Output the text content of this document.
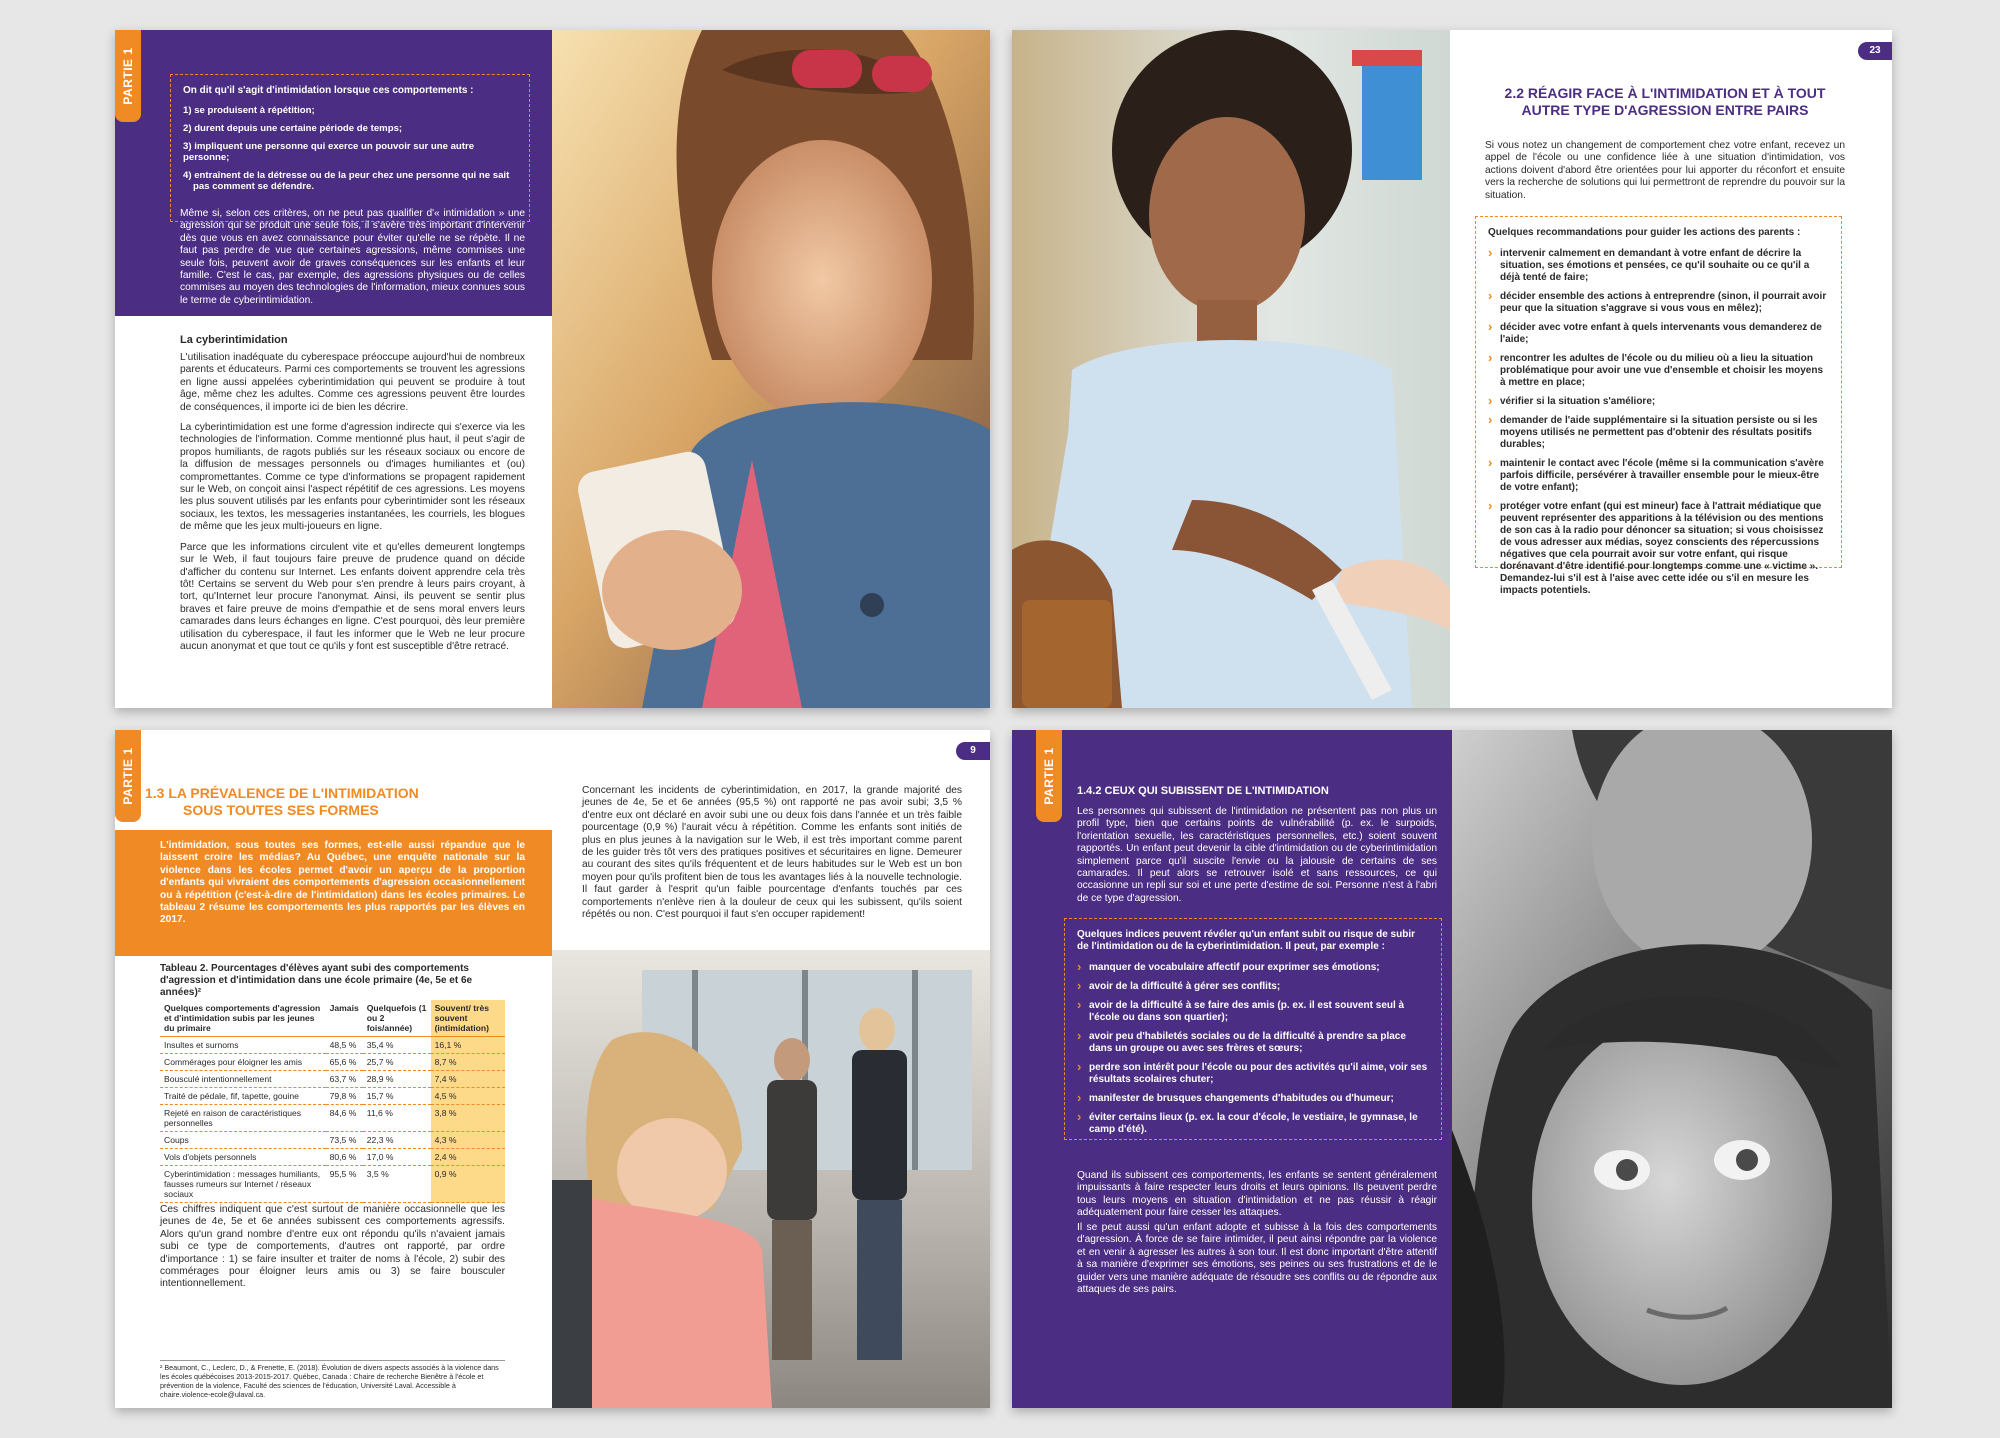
PARTIE 1	On dit qu'il s'agit d'intimidation lorsque ces comportements :

1) se produisent à répétition;

2) durent depuis une certaine période de temps;

3) impliquent une personne qui exerce un pouvoir sur une autre personne;

4) entraînent de la détresse ou de la peur chez une personne qui ne sait pas comment se défendre.

Même si, selon ces critères, on ne peut pas qualifier d'« intimidation » une agression qui se produit une seule fois, il s'avère très important d'intervenir dès que vous en avez connaissance pour éviter qu'elle ne se répète. Il ne faut pas perdre de vue que certaines agressions, même commises une seule fois, peuvent avoir de graves conséquences sur les enfants et leur famille. C'est le cas, par exemple, des agressions physiques ou de celles commises au moyen des technologies de l'information, mieux connues sous le terme de cyberintimidation.

La cyberintimidation

L'utilisation inadéquate du cyberespace préoccupe aujourd'hui de nombreux parents et éducateurs. Parmi ces comportements se trouvent les agressions en ligne aussi appelées cyberintimidation qui peuvent se produire à tout âge, même chez les adultes. Comme ces agressions peuvent être lourdes de conséquences, il importe ici de bien les décrire.

La cyberintimidation est une forme d'agression indirecte qui s'exerce via les technologies de l'information. Comme mentionné plus haut, il peut s'agir de propos humiliants, de ragots publiés sur les réseaux sociaux ou encore de la diffusion de messages personnels ou d'images humiliantes et (ou) compromettantes. Comme ce type d'informations se propagent rapidement sur le Web, on conçoit ainsi l'aspect répétitif de ces agressions. Les moyens les plus souvent utilisés par les enfants pour cyberintimider sont les réseaux sociaux, les textos, les messageries instantanées, les courriels, les blogues de même que les jeux multi-joueurs en ligne.

Parce que les informations circulent vite et qu'elles demeurent longtemps sur le Web, il faut toujours faire preuve de prudence quand on décide d'afficher du contenu sur Internet. Les enfants doivent apprendre cela très tôt! Certains se servent du Web pour s'en prendre à leurs pairs croyant, à tort, qu'Internet leur procure l'anonymat. Ainsi, ils peuvent se sentir plus braves et faire preuve de moins d'empathie et de sens moral envers leurs camarades dans leurs échanges en ligne. C'est pourquoi, dès leur première utilisation du cyberespace, il faut les informer que le Web ne leur procure aucun anonymat et que tout ce qu'ils y font est susceptible d'être retracé.

23
2.2 RÉAGIR FACE À L'INTIMIDATION ET À TOUT
AUTRE TYPE D'AGRESSION ENTRE PAIRS

Si vous notez un changement de comportement chez votre enfant, recevez un appel de l'école ou une confidence liée à une situation d'intimidation, vos actions doivent d'abord être orientées pour lui apporter du réconfort et ensuite vers la recherche de solutions qui lui permettront de reprendre du pouvoir sur la situation.

Quelques recommandations pour guider les actions des parents :

› intervenir calmement en demandant à votre enfant de décrire la situation, ses émotions et pensées, ce qu'il souhaite ou ce qu'il a déjà tenté de faire;
› décider ensemble des actions à entreprendre (sinon, il pourrait avoir peur que la situation s'aggrave si vous vous en mêlez);
› décider avec votre enfant à quels intervenants vous demanderez de l'aide;
› rencontrer les adultes de l'école ou du milieu où a lieu la situation problématique pour avoir une vue d'ensemble et choisir les moyens à mettre en place;
› vérifier si la situation s'améliore;
› demander de l'aide supplémentaire si la situation persiste ou si les moyens utilisés ne permettent pas d'obtenir des résultats positifs durables;
› maintenir le contact avec l'école (même si la communication s'avère parfois difficile, persévérer à travailler ensemble pour le mieux-être de votre enfant);
› protéger votre enfant (qui est mineur) face à l'attrait médiatique que peuvent représenter des apparitions à la télévision ou des mentions de son cas à la radio pour dénoncer sa situation; si vous choisissez de vous adresser aux médias, soyez conscients des répercussions négatives que cela pourrait avoir sur votre enfant, qui risque dorénavant d'être identifié pour longtemps comme une « victime ». Demandez-lui s'il est à l'aise avec cette idée ou s'il en mesure les impacts potentiels.
PARTIE 1 1.3 LA PRÉVALENCE DE L'INTIMIDATION
SOUS TOUTES SES FORMES

L'intimidation, sous toutes ses formes, est-elle aussi répandue que le laissent croire les médias? Au Québec, une enquête nationale sur la violence dans les écoles permet d'avoir un aperçu de la proportion d'enfants qui vivraient des comportements d'agression occasionnellement ou à répétition (c'est-à-dire de l'intimidation) dans les écoles primaires. Le tableau 2 résume les comportements les plus rapportés par les élèves en 2017.

Tableau 2. Pourcentages d'élèves ayant subi des comportements d'agression et d'intimidation dans une école primaire (4e, 5e et 6e années)²

Quelques comportements d'agression et d'intimidation subis par les jeunes du primaire	Jamais	Quelquefois (1 ou 2 fois/année)	Souvent/ très souvent (intimidation)
Insultes et surnoms	48,5 %	35,4 %	16,1 %
Commérages pour éloigner les amis	65,6 %	25,7 %	8,7 %
Bousculé intentionnellement	63,7 %	28,9 %	7,4 %
Traité de pédale, fif, tapette, gouine	79,8 %	15,7 %	4,5 %
Rejeté en raison de caractéristiques personnelles	84,6 %	11,6 %	3,8 %
Coups	73,5 %	22,3 %	4,3 %
Vols d'objets personnels	80,6 %	17,0 %	2,4 %
Cyberintimidation : messages humiliants, fausses rumeurs sur Internet / réseaux sociaux	95,5 %	3,5 %	0,9 %

Ces chiffres indiquent que c'est surtout de manière occasionnelle que les jeunes de 4e, 5e et 6e années subissent ces comportements agressifs. Alors qu'un grand nombre d'entre eux ont répondu qu'ils n'avaient jamais subi ce type de comportements, d'autres ont rapporté, par ordre d'importance : 1) se faire insulter et traiter de noms à l'école, 2) subir des commérages pour éloigner leurs amis ou 3) se faire bousculer intentionnellement.

² Beaumont, C., Leclerc, D., & Frenette, E. (2018). Évolution de divers aspects associés à la violence dans les écoles québécoises 2013-2015-2017. Québec, Canada : Chaire de recherche Bienêtre à l'école et prévention de la violence, Faculté des sciences de l'éducation, Université Laval. Accessible à chaire.violence-ecole@ulaval.ca.

9

Concernant les incidents de cyberintimidation, en 2017, la grande majorité des jeunes de 4e, 5e et 6e années (95,5 %) ont rapporté ne pas avoir subi; 3,5 % d'entre eux ont déclaré en avoir subi une ou deux fois dans l'année et un très faible pourcentage (0,9 %) l'aurait vécu à répétition. Comme les enfants sont initiés de plus en plus jeunes à la navigation sur le Web, il est très important comme parent de les guider très tôt vers des pratiques positives et sécuritaires en ligne. Demeurer au courant des sites qu'ils fréquentent et de leurs habitudes sur le Web est un bon moyen pour qu'ils profitent bien de tous les avantages liés à la nouvelle technologie. Il faut garder à l'esprit qu'un faible pourcentage d'enfants touchés par ces comportements n'enlève rien à la douleur de ceux qui les subissent, qu'ils soient répétés ou non. C'est pourquoi il faut s'en occuper rapidement!

PARTIE 1 1.4.2 CEUX QUI SUBISSENT DE L'INTIMIDATION

Les personnes qui subissent de l'intimidation ne présentent pas non plus un profil type, bien que certains points de vulnérabilité (p. ex. le surpoids, l'orientation sexuelle, les caractéristiques personnelles, etc.) soient souvent rapportés. Un enfant peut devenir la cible d'intimidation ou de cyberintimidation simplement parce qu'il suscite l'envie ou la jalousie de certains de ses camarades. Il peut alors se retrouver isolé et sans ressources, ce qui occasionne un repli sur soi et une perte d'estime de soi. Personne n'est à l'abri de ce type d'agression.

Quelques indices peuvent révéler qu'un enfant subit ou risque de subir de l'intimidation ou de la cyberintimidation. Il peut, par exemple :

› manquer de vocabulaire affectif pour exprimer ses émotions;
› avoir de la difficulté à gérer ses conflits;
› avoir de la difficulté à se faire des amis (p. ex. il est souvent seul à l'école ou dans son quartier);
› avoir peu d'habiletés sociales ou de la difficulté à prendre sa place dans un groupe ou avec ses frères et sœurs;
› perdre son intérêt pour l'école ou pour des activités qu'il aime, voir ses résultats scolaires chuter;
› manifester de brusques changements d'habitudes ou d'humeur;
› éviter certains lieux (p. ex. la cour d'école, le vestiaire, le gymnase, le camp d'été).

Quand ils subissent ces comportements, les enfants se sentent généralement impuissants à faire respecter leurs droits et leurs opinions. Ils peuvent perdre tous leurs moyens en situation d'intimidation et ne pas réussir à réagir adéquatement pour faire cesser les attaques.

Il se peut aussi qu'un enfant adopte et subisse à la fois des comportements d'agression. À force de se faire intimider, il peut ainsi répondre par la violence et en venir à agresser les autres à son tour. Il est donc important d'être attentif à sa manière d'exprimer ses émotions, ses peines ou ses frustrations et de le guider vers une manière adéquate de résoudre ses conflits ou de répondre aux attaques de ses pairs.
